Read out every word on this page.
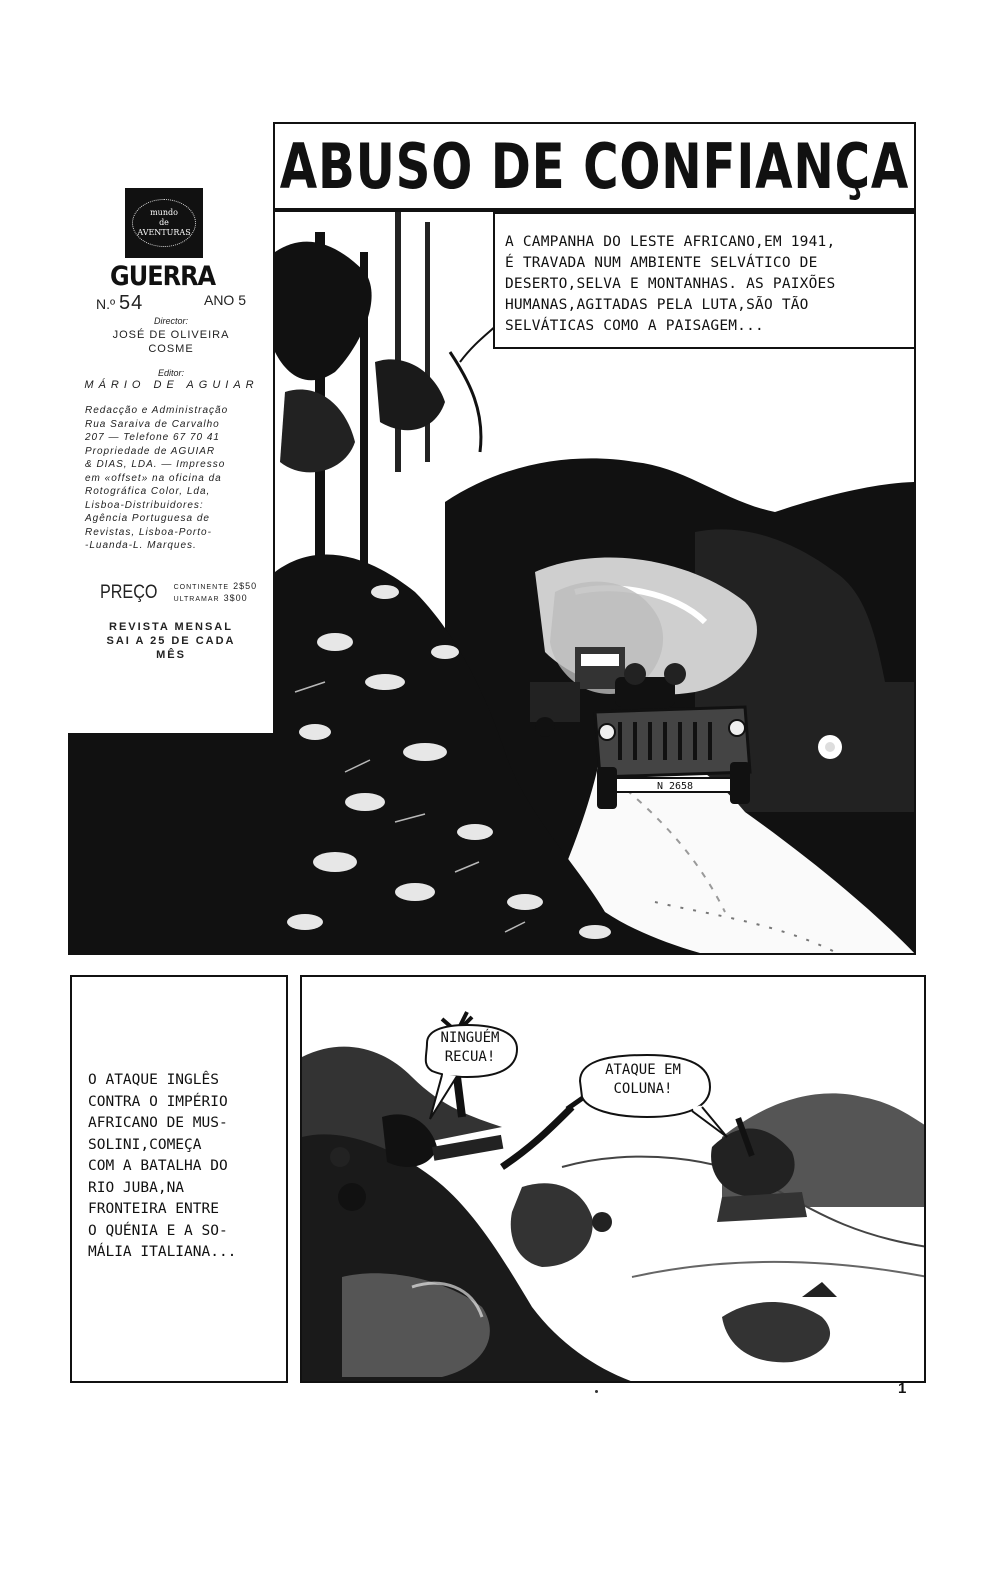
mundo
de
AVENTURAS
GUERRA
N.º 54	ANO 5
Director:
JOSÉ DE OLIVEIRA
COSME
Editor:
MÁRIO DE AGUIAR
Redacção e Administração
Rua Saraiva de Carvalho
207 — Telefone 67 70 41
Propriedade de AGUIAR
& DIAS, LDA. — Impresso
em «offset» na oficina da
Rotográfica Color, Lda,
Lisboa-Distribuidores:
Agência Portuguesa de
Revistas, Lisboa-Porto-
-Luanda-L. Marques.
PREÇO CONTINENTE 2$50
ULTRAMAR 3$00
REVISTA MENSAL
SAI A 25 DE CADA
MÊS
N 2658
ABUSO DE CONFIANÇA
A CAMPANHA DO LESTE AFRICANO,EM 1941,
É TRAVADA NUM AMBIENTE SELVÁTICO DE
DESERTO,SELVA E MONTANHAS. AS PAIXÕES
HUMANAS,AGITADAS PELA LUTA,SÃO TÃO
SELVÁTICAS COMO A PAISAGEM...
O ATAQUE INGLÊS
CONTRA O IMPÉRIO
AFRICANO DE MUS-
SOLINI,COMEÇA
COM A BATALHA DO
RIO JUBA,NA
FRONTEIRA ENTRE
O QUÉNIA E A SO-
MÁLIA ITALIANA...
NINGUÉM
RECUA!
ATAQUE EM
COLUNA!
1
